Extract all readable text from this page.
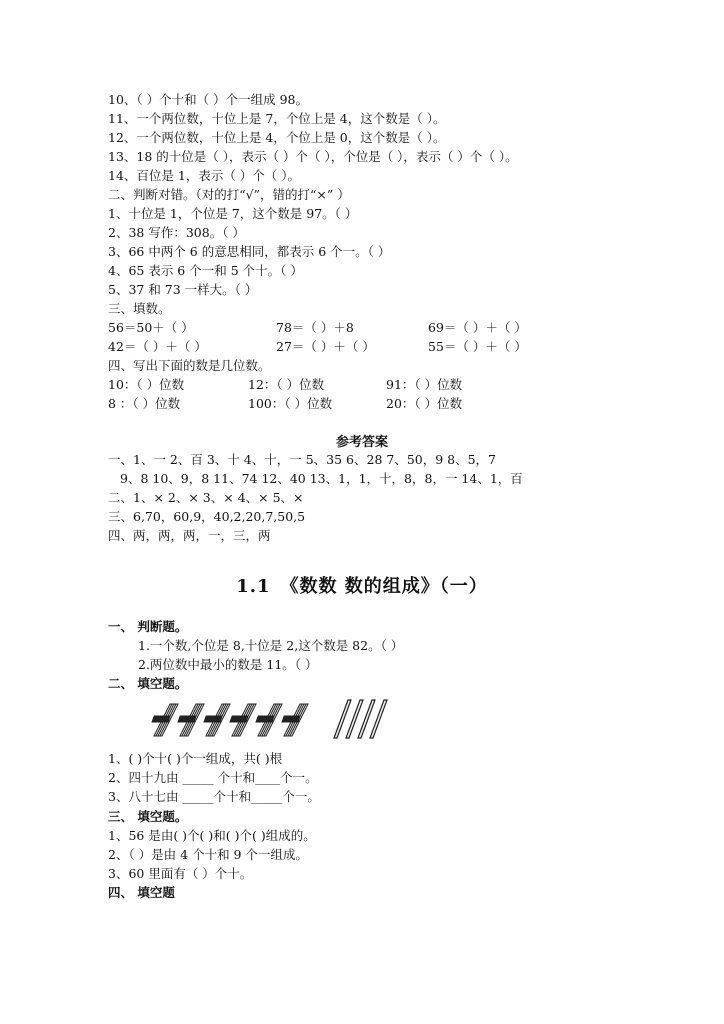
10、（ ）个十和（ ）个一组成 98。
11、一个两位数，十位上是 7，个位上是 4，这个数是（ ）。
12、一个两位数，十位上是 4，个位上是 0，这个数是（ ）。
13、18 的十位是（ ），表示（ ）个（ ），个位是（ ），表示（ ）个（ ）。
14、百位是 1，表示（ ）个（ ）。
二、判断对错。（对的打“√”，错的打“×” ）
1、十位是 1，个位是 7，这个数是 97。（ ）
2、38 写作：308。（ ）
3、66 中两个 6 的意思相同，都表示 6 个一。（ ）
4、65 表示 6 个一和 5 个十。（ ）
5、37 和 73 一样大。（ ）
三、填数。
56＝50＋（ ）	78＝（ ）＋8	69＝（ ）＋（ ）
42＝（ ）＋（ ）	27＝（ ）＋（ ）	55＝（ ）＋（ ）
四、写出下面的数是几位数。
10：（ ）位数	12：（ ）位数	91：（ ）位数
8 ：（ ）位数	100：（ ）位数	20：（ ）位数
参考答案
一、1、一 2、百 3、十 4、十，一 5、35 6、28 7、50，9 8、5，7
9、8 10、9，8 11、74 12、40 13、1，1，十，8，8，一 14、1，百
二、1、× 2、× 3、× 4、× 5、×
三、6,70，60,9，40,2,20,7,50,5
四、两，两，两，一，三，两
1.1　《数数 数的组成》（一）
一、 判断题。
1.一个数,个位是 8,十位是 2,这个数是 82。（ ）
2.两位数中最小的数是 11。（ ）
二、 填空题。
1、( )个十( )个一组成，共( )根
2、四十九由 _____ 个十和____个一。
3、八十七由 _____个十和_____个一。
三、 填空题。
1、56 是由( )个( )和( )个( )组成的。
2、（ ）是由 4 个十和 9 个一组成。
3、60 里面有（ ）个十。
四、 填空题
